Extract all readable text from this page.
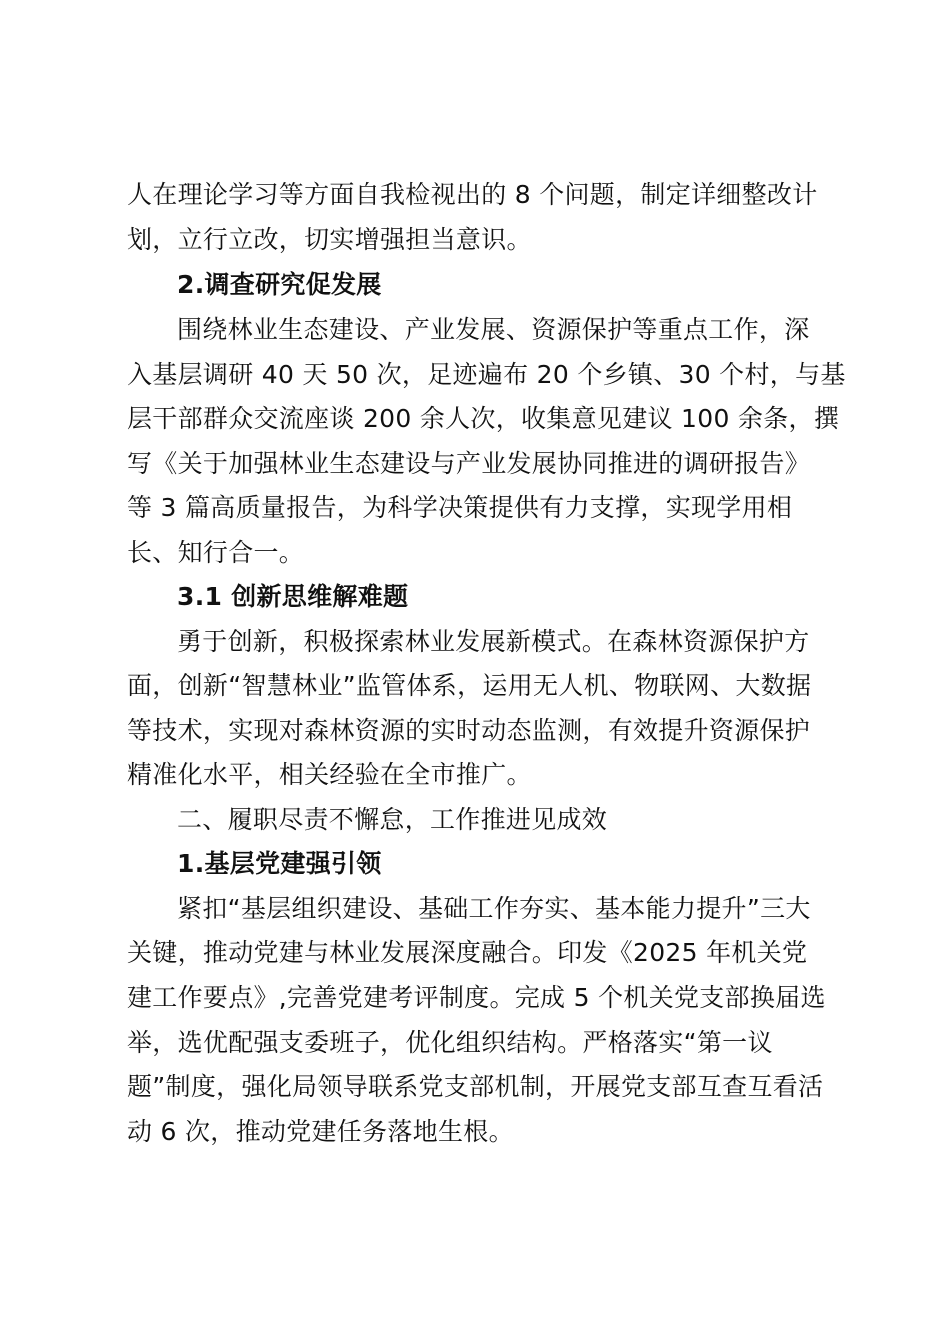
人在理论学习等方面自我检视出的 8 个问题，制定详细整改计
划，立行立改，切实增强担当意识。
2.调查研究促发展
围绕林业生态建设、产业发展、资源保护等重点工作，深
入基层调研 40 天 50 次，足迹遍布 20 个乡镇、30 个村，与基
层干部群众交流座谈 200 余人次，收集意见建议 100 余条，撰
写《关于加强林业生态建设与产业发展协同推进的调研报告》
等 3 篇高质量报告，为科学决策提供有力支撑，实现学用相
长、知行合一。
3.1 创新思维解难题
勇于创新，积极探索林业发展新模式。在森林资源保护方
面，创新“智慧林业”监管体系，运用无人机、物联网、大数据
等技术，实现对森林资源的实时动态监测，有效提升资源保护
精准化水平，相关经验在全市推广。
二、履职尽责不懈怠，工作推进见成效
1.基层党建强引领
紧扣“基层组织建设、基础工作夯实、基本能力提升”三大
关键，推动党建与林业发展深度融合。印发《2025 年机关党
建工作要点》,完善党建考评制度。完成 5 个机关党支部换届选
举，选优配强支委班子，优化组织结构。严格落实“第一议
题”制度，强化局领导联系党支部机制，开展党支部互查互看活
动 6 次，推动党建任务落地生根。
